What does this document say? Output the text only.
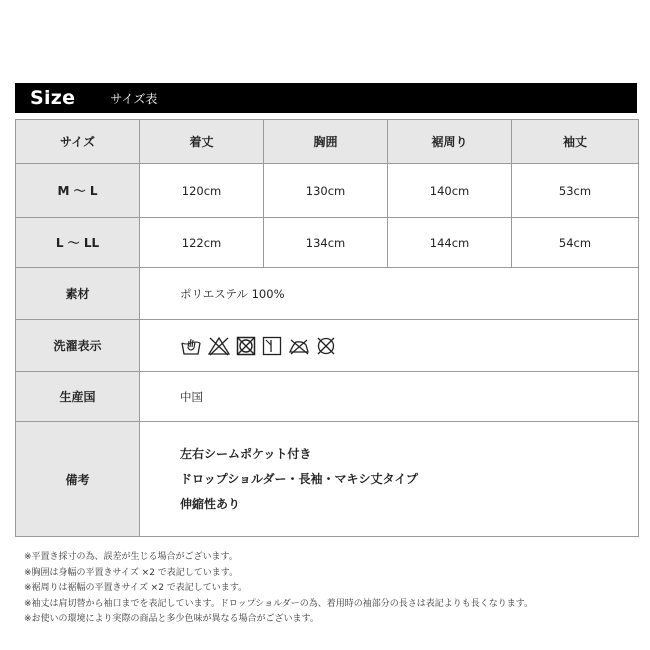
Size	サイズ表
サイズ	着丈	胸囲	裾周り	袖丈
M 〜 L	120cm	130cm	140cm	53cm
L 〜 LL	122cm	134cm	144cm	54cm
素材	ポリエステル 100%			
洗濯表示	

生産国	中国			
備考	左右シームポケット付き
ドロップショルダー・長袖・マキシ丈タイプ
伸縮性あり			
※平置き採寸の為、誤差が生じる場合がございます。
※胸囲は身幅の平置きサイズ ×2 で表記しています。
※裾周りは裾幅の平置きサイズ ×2 で表記しています。
※袖丈は肩切替から袖口までを表記しています。ドロップショルダーの為、着用時の袖部分の長さは表記よりも長くなります。
※お使いの環境により実際の商品と多少色味が異なる場合がございます。
